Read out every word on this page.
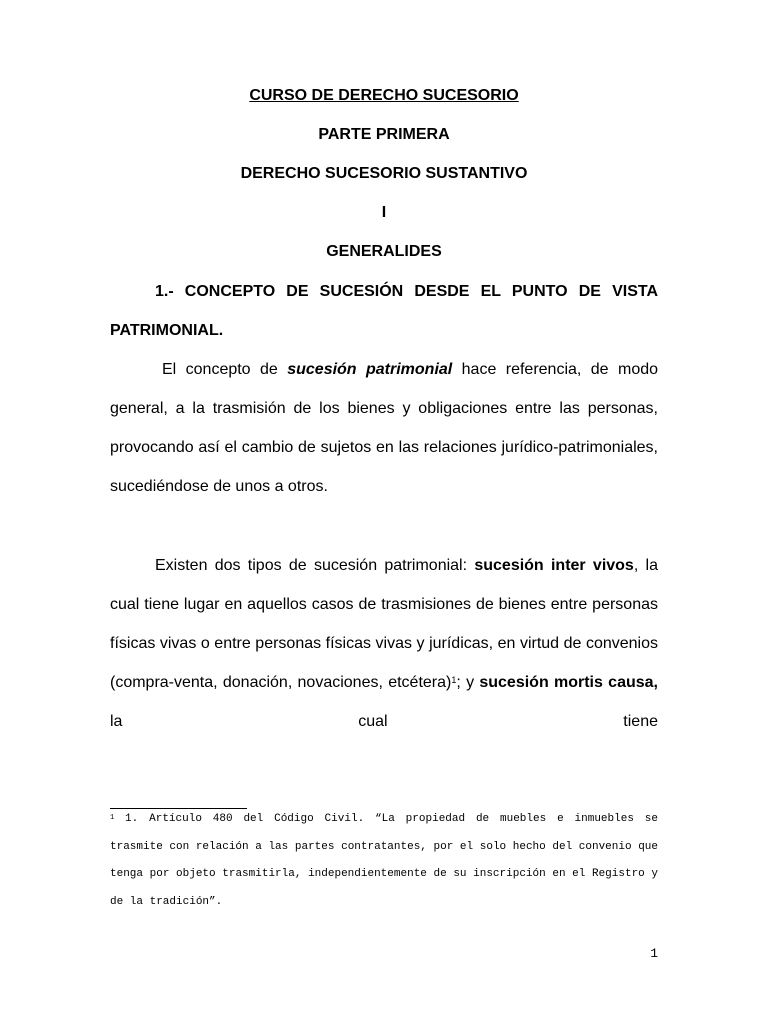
CURSO DE DERECHO SUCESORIO

PARTE PRIMERA

DERECHO SUCESORIO SUSTANTIVO

I

GENERALIDES

1.- CONCEPTO DE SUCESIÓN DESDE EL PUNTO DE VISTA PATRIMONIAL.

El concepto de sucesión patrimonial hace referencia, de modo general, a la trasmisión de los bienes y obligaciones entre las personas, provocando así el cambio de sujetos en las relaciones jurídico-patrimoniales, sucediéndose de unos a otros.

Existen dos tipos de sucesión patrimonial: sucesión inter vivos, la cual tiene lugar en aquellos casos de trasmisiones de bienes entre personas físicas vivas o entre personas físicas vivas y jurídicas, en virtud de convenios (compra-venta, donación, novaciones, etcétera)$^1$; y sucesión mortis causa, la cual tiene

$^1$ 1. Artículo 480 del Código Civil. “La propiedad de muebles e inmuebles se trasmite con relación a las partes contratantes, por el solo hecho del convenio que tenga por objeto trasmitirla, independientemente de su inscripción en el Registro y de la tradición”.

1
